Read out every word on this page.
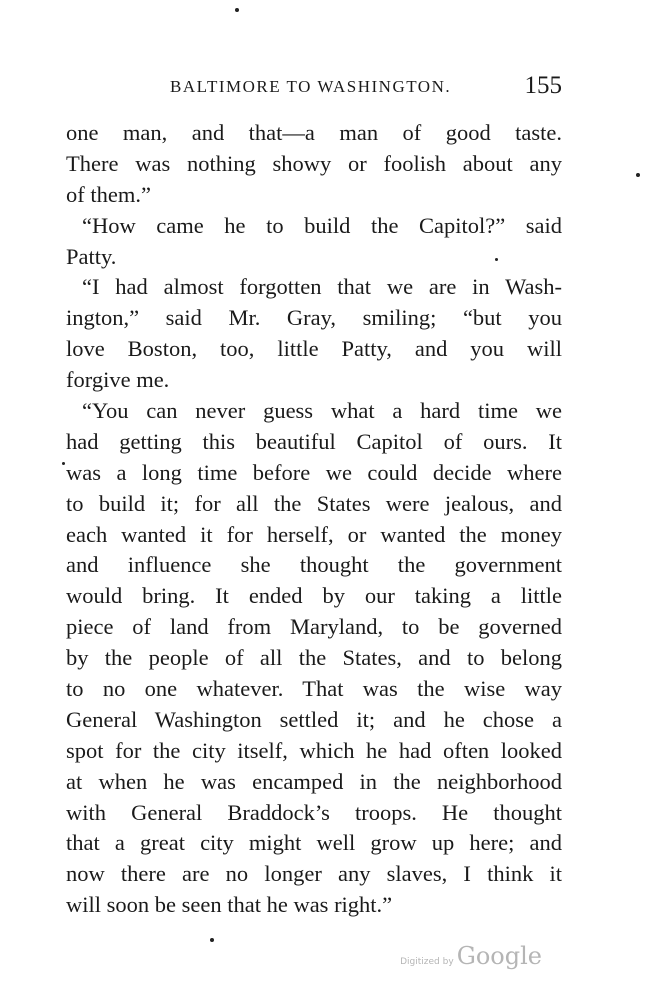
BALTIMORE TO WASHINGTON.	155
one man, and that—a man of good taste.
There was nothing showy or foolish about any
of them.”
“How came he to build the Capitol?” said
Patty.
“I had almost forgotten that we are in Wash-
ington,” said Mr. Gray, smiling; “but you
love Boston, too, little Patty, and you will
forgive me.
“You can never guess what a hard time we
had getting this beautiful Capitol of ours. It
was a long time before we could decide where
to build it; for all the States were jealous, and
each wanted it for herself, or wanted the money
and influence she thought the government
would bring. It ended by our taking a little
piece of land from Maryland, to be governed
by the people of all the States, and to belong
to no one whatever. That was the wise way
General Washington settled it; and he chose a
spot for the city itself, which he had often looked
at when he was encamped in the neighborhood
with General Braddock’s troops. He thought
that a great city might well grow up here; and
now there are no longer any slaves, I think it
will soon be seen that he was right.”
Digitized by Google
